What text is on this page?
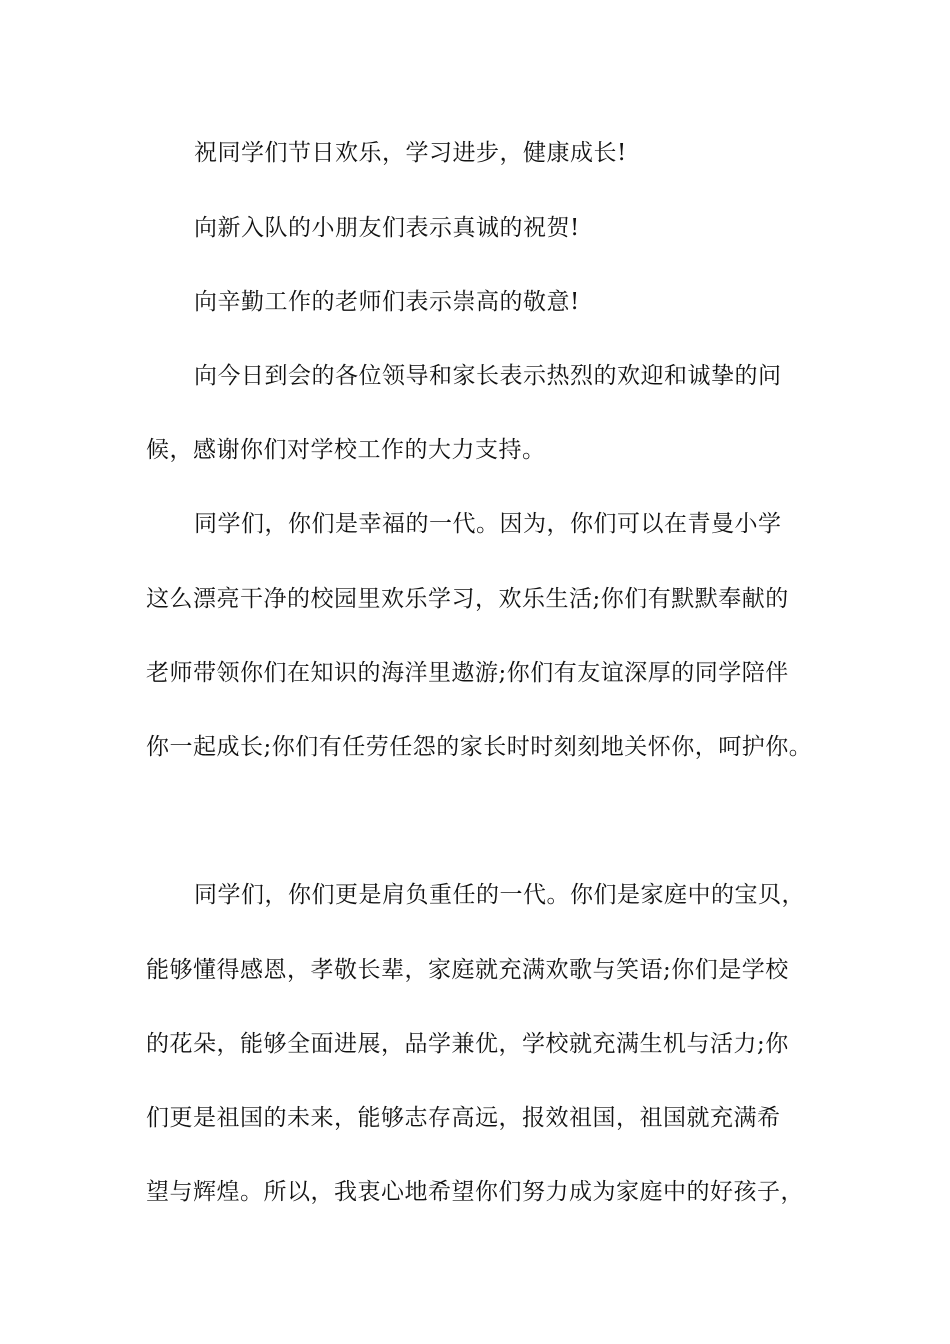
祝同学们节日欢乐，学习进步，健康成长!
向新入队的小朋友们表示真诚的祝贺!
向辛勤工作的老师们表示崇高的敬意!
向今日到会的各位领导和家长表示热烈的欢迎和诚挚的问
候，感谢你们对学校工作的大力支持。
同学们，你们是幸福的一代。因为，你们可以在青曼小学
这么漂亮干净的校园里欢乐学习，欢乐生活;你们有默默奉献的
老师带领你们在知识的海洋里遨游;你们有友谊深厚的同学陪伴
你一起成长;你们有任劳任怨的家长时时刻刻地关怀你，呵护你。
同学们，你们更是肩负重任的一代。你们是家庭中的宝贝，
能够懂得感恩，孝敬长辈，家庭就充满欢歌与笑语;你们是学校
的花朵，能够全面进展，品学兼优，学校就充满生机与活力;你
们更是祖国的未来，能够志存高远，报效祖国，祖国就充满希
望与辉煌。所以，我衷心地希望你们努力成为家庭中的好孩子，
